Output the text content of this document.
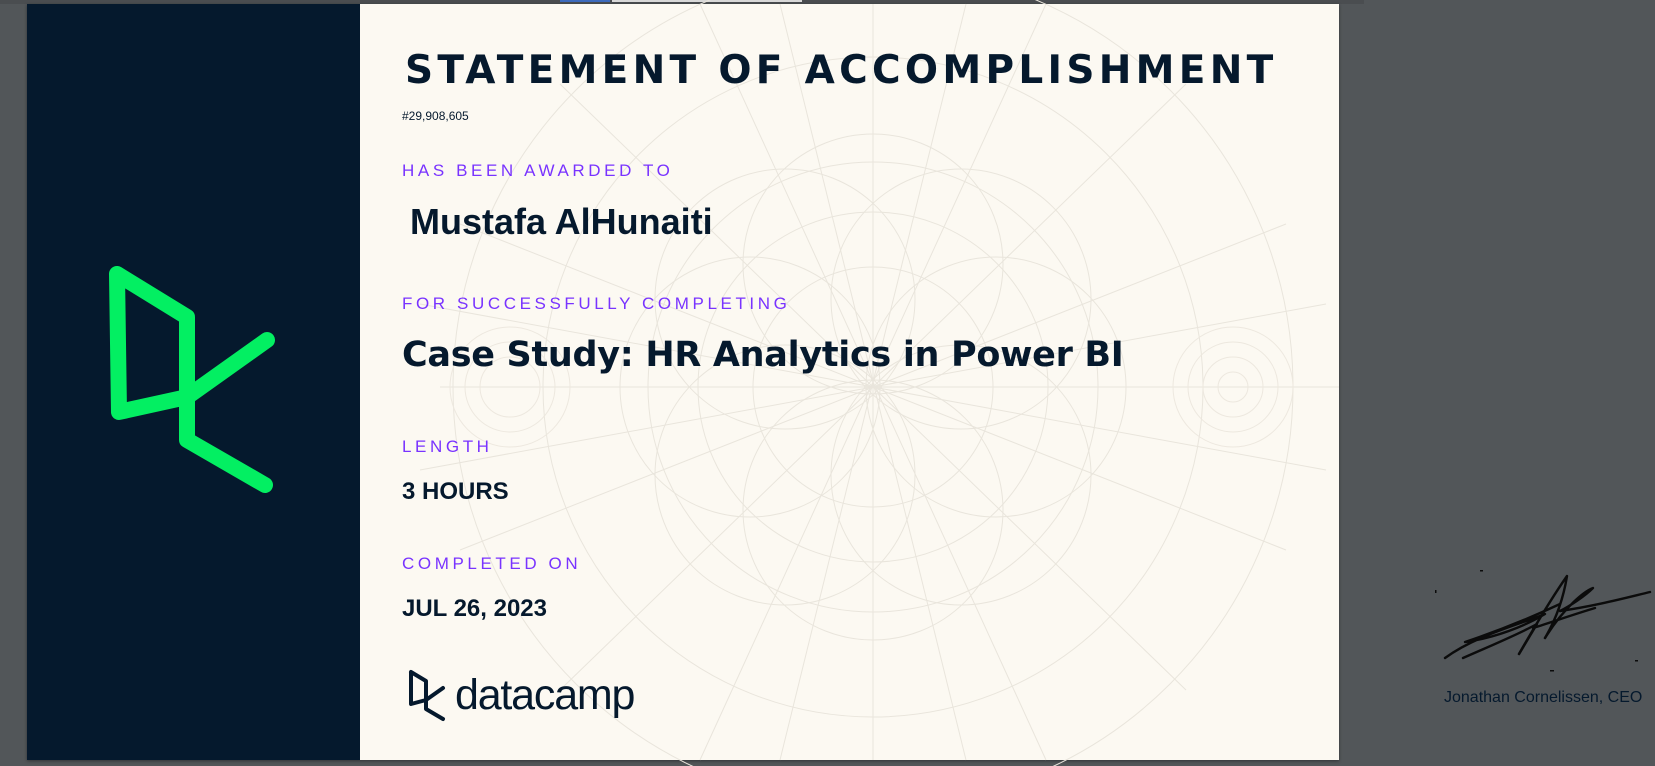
STATEMENT OF ACCOMPLISHMENT
#29,908,605
HAS BEEN AWARDED TO
Mustafa AlHunaiti
FOR SUCCESSFULLY COMPLETING
Case Study: HR Analytics in Power BI
LENGTH
3 HOURS
COMPLETED ON
JUL 26, 2023
datacamp	Jonathan Cornelissen, CEO
